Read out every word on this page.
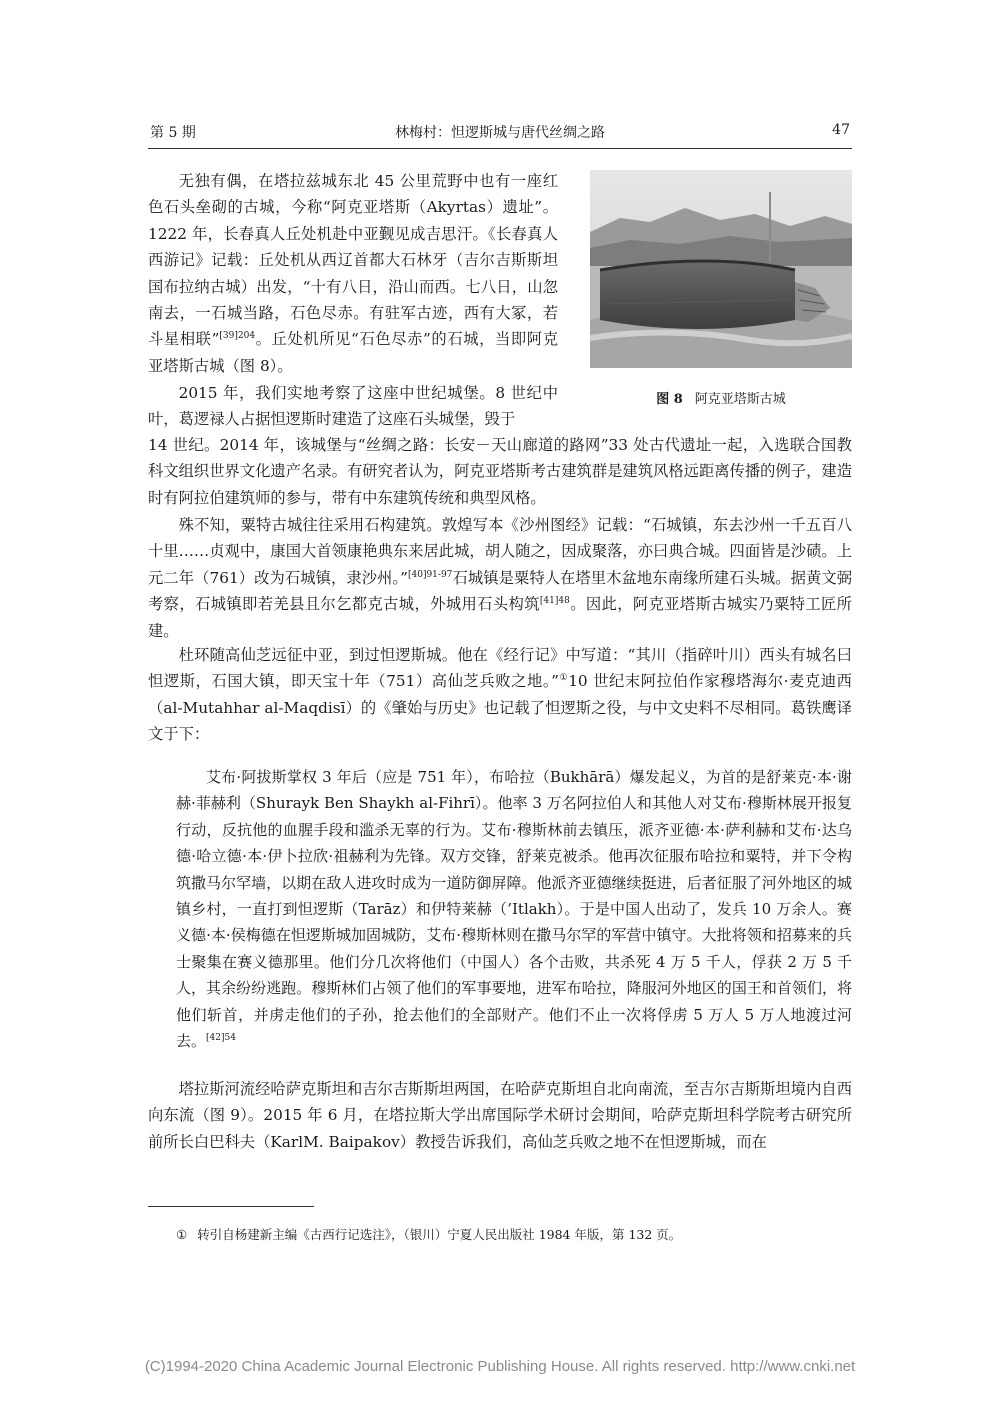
第 5 期	林梅村：怛逻斯城与唐代丝绸之路	47
图 8 阿克亚塔斯古城

无独有偶，在塔拉兹城东北 45 公里荒野中也有一座红色石头垒砌的古城，今称“阿克亚塔斯（Akyrtas）遗址”。1222 年，长春真人丘处机赴中亚觐见成吉思汗。《长春真人西游记》记载：丘处机从西辽首都大石林牙（吉尔吉斯斯坦国布拉纳古城）出发，“十有八日，沿山而西。七八日，山忽南去，一石城当路，石色尽赤。有驻军古迹，西有大冢，若斗星相联”$^{[39]204}$。丘处机所见“石色尽赤”的石城，当即阿克亚塔斯古城（图 8）。

2015 年，我们实地考察了这座中世纪城堡。8 世纪中叶，葛逻禄人占据怛逻斯时建造了这座石头城堡，毁于

14 世纪。2014 年，该城堡与“丝绸之路：长安－天山廊道的路网”33 处古代遗址一起，入选联合国教科文组织世界文化遗产名录。有研究者认为，阿克亚塔斯考古建筑群是建筑风格远距离传播的例子，建造时有阿拉伯建筑师的参与，带有中东建筑传统和典型风格。

殊不知，粟特古城往往采用石构建筑。敦煌写本《沙州图经》记载：“石城镇，东去沙州一千五百八十里……贞观中，康国大首领康艳典东来居此城，胡人随之，因成聚落，亦曰典合城。四面皆是沙碛。上元二年（761）改为石城镇，隶沙州。”$^{[40]91-97}$石城镇是粟特人在塔里木盆地东南缘所建石头城。据黄文弼考察，石城镇即若羌县且尔乞都克古城，外城用石头构筑$^{[41]48}$。因此，阿克亚塔斯古城实乃粟特工匠所建。

杜环随高仙芝远征中亚，到过怛逻斯城。他在《经行记》中写道：“其川（指碎叶川）西头有城名曰怛逻斯，石国大镇，即天宝十年（751）高仙芝兵败之地。”①10 世纪末阿拉伯作家穆塔海尔·麦克迪西（al-Mutahhar al-Maqdisī）的《肇始与历史》也记载了怛逻斯之役，与中文史料不尽相同。葛铁鹰译文于下：

艾布·阿拔斯掌权 3 年后（应是 751 年），布哈拉（Bukhārā）爆发起义，为首的是舒莱克·本·谢赫·菲赫利（Shurayk Ben Shaykh al-Fihrī）。他率 3 万名阿拉伯人和其他人对艾布·穆斯林展开报复行动，反抗他的血腥手段和滥杀无辜的行为。艾布·穆斯林前去镇压，派齐亚德·本·萨利赫和艾布·达乌德·哈立德·本·伊卜拉欣·祖赫利为先锋。双方交锋，舒莱克被杀。他再次征服布哈拉和粟特，并下令构筑撒马尔罕墙，以期在敌人进攻时成为一道防御屏障。他派齐亚德继续挺进，后者征服了河外地区的城镇乡村，一直打到怛逻斯（Tarāz）和伊特莱赫（’Itlakh）。于是中国人出动了，发兵 10 万余人。赛义德·本·侯梅德在怛逻斯城加固城防，艾布·穆斯林则在撒马尔罕的军营中镇守。大批将领和招募来的兵士聚集在赛义德那里。他们分几次将他们（中国人）各个击败，共杀死 4 万 5 千人，俘获 2 万 5 千人，其余纷纷逃跑。穆斯林们占领了他们的军事要地，进军布哈拉，降服河外地区的国王和首领们，将他们斩首，并虏走他们的子孙，抢去他们的全部财产。他们不止一次将俘虏 5 万人 5 万人地渡过河去。$^{[42]54}$

塔拉斯河流经哈萨克斯坦和吉尔吉斯斯坦两国，在哈萨克斯坦自北向南流，至吉尔吉斯斯坦境内自西向东流（图 9）。2015 年 6 月，在塔拉斯大学出席国际学术研讨会期间，哈萨克斯坦科学院考古研究所前所长白巴科夫（KarlM. Baipakov）教授告诉我们，高仙芝兵败之地不在怛逻斯城，而在

① 转引自杨建新主编《古西行记选注》，（银川）宁夏人民出版社 1984 年版，第 132 页。
(C)1994-2020 China Academic Journal Electronic Publishing House. All rights reserved. http://www.cnki.net
